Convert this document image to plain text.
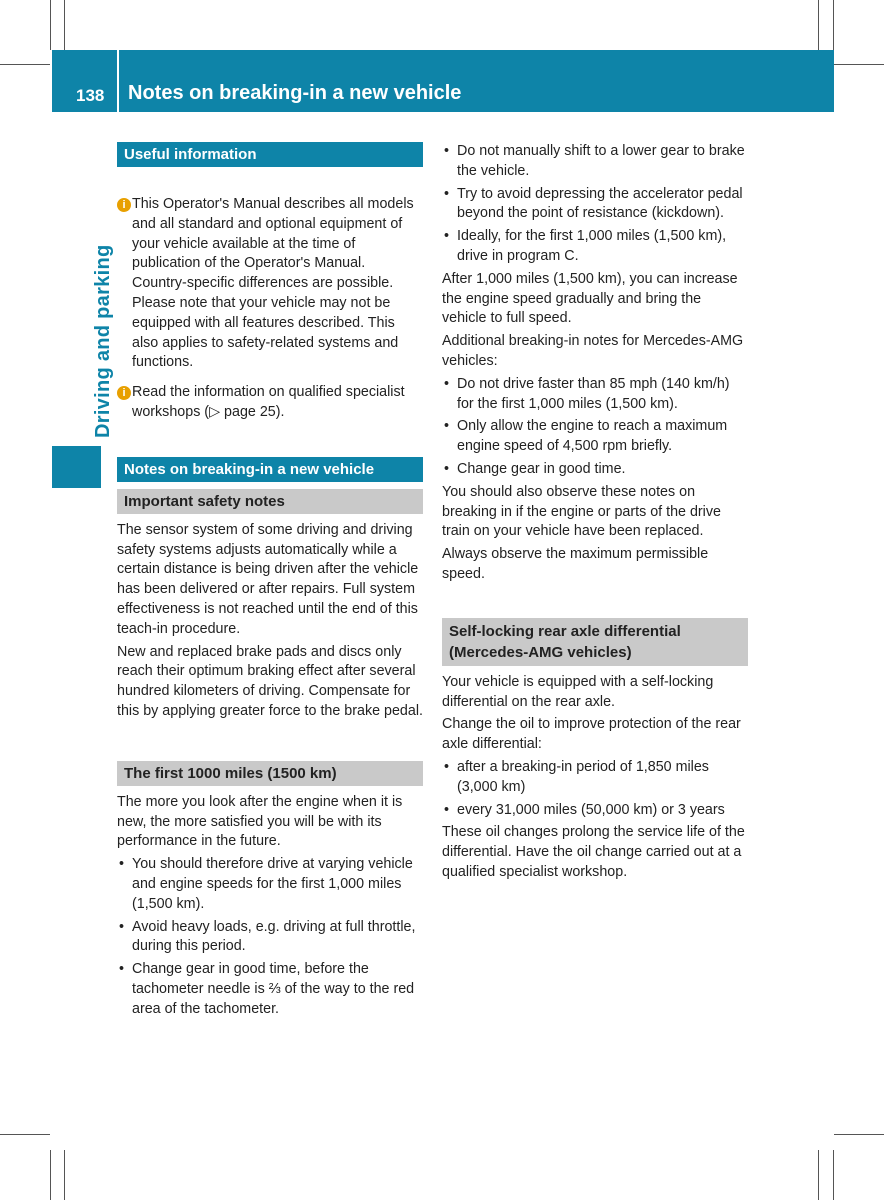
138 Notes on breaking-in a new vehicle
Driving and parking
Useful information
i This Operator's Manual describes all models and all standard and optional equipment of your vehicle available at the time of publication of the Operator's Manual. Country-specific differences are possible. Please note that your vehicle may not be equipped with all features described. This also applies to safety-related systems and functions.
i Read the information on qualified specialist workshops (▷ page 25).
Notes on breaking-in a new vehicle
Important safety notes

The sensor system of some driving and driving safety systems adjusts automatically while a certain distance is being driven after the vehicle has been delivered or after repairs. Full system effectiveness is not reached until the end of this teach-in procedure.

New and replaced brake pads and discs only reach their optimum braking effect after several hundred kilometers of driving. Compensate for this by applying greater force to the brake pedal.

The first 1000 miles (1500 km)

The more you look after the engine when it is new, the more satisfied you will be with its performance in the future.

• You should therefore drive at varying vehicle and engine speeds for the first 1,000 miles (1,500 km).
• Avoid heavy loads, e.g. driving at full throttle, during this period.
• Change gear in good time, before the tachometer needle is ⅔ of the way to the red area of the tachometer.
• Do not manually shift to a lower gear to brake the vehicle.
• Try to avoid depressing the accelerator pedal beyond the point of resistance (kickdown).
• Ideally, for the first 1,000 miles (1,500 km), drive in program C.

After 1,000 miles (1,500 km), you can increase the engine speed gradually and bring the vehicle to full speed.

Additional breaking-in notes for Mercedes-AMG vehicles:

• Do not drive faster than 85 mph (140 km/h) for the first 1,000 miles (1,500 km).
• Only allow the engine to reach a maximum engine speed of 4,500 rpm briefly.
• Change gear in good time.

You should also observe these notes on breaking in if the engine or parts of the drive train on your vehicle have been replaced.

Always observe the maximum permissible speed.

Self-locking rear axle differential (Mercedes-AMG vehicles)

Your vehicle is equipped with a self-locking differential on the rear axle.

Change the oil to improve protection of the rear axle differential:

• after a breaking-in period of 1,850 miles (3,000 km)
• every 31,000 miles (50,000 km) or 3 years

These oil changes prolong the service life of the differential. Have the oil change carried out at a qualified specialist workshop.
